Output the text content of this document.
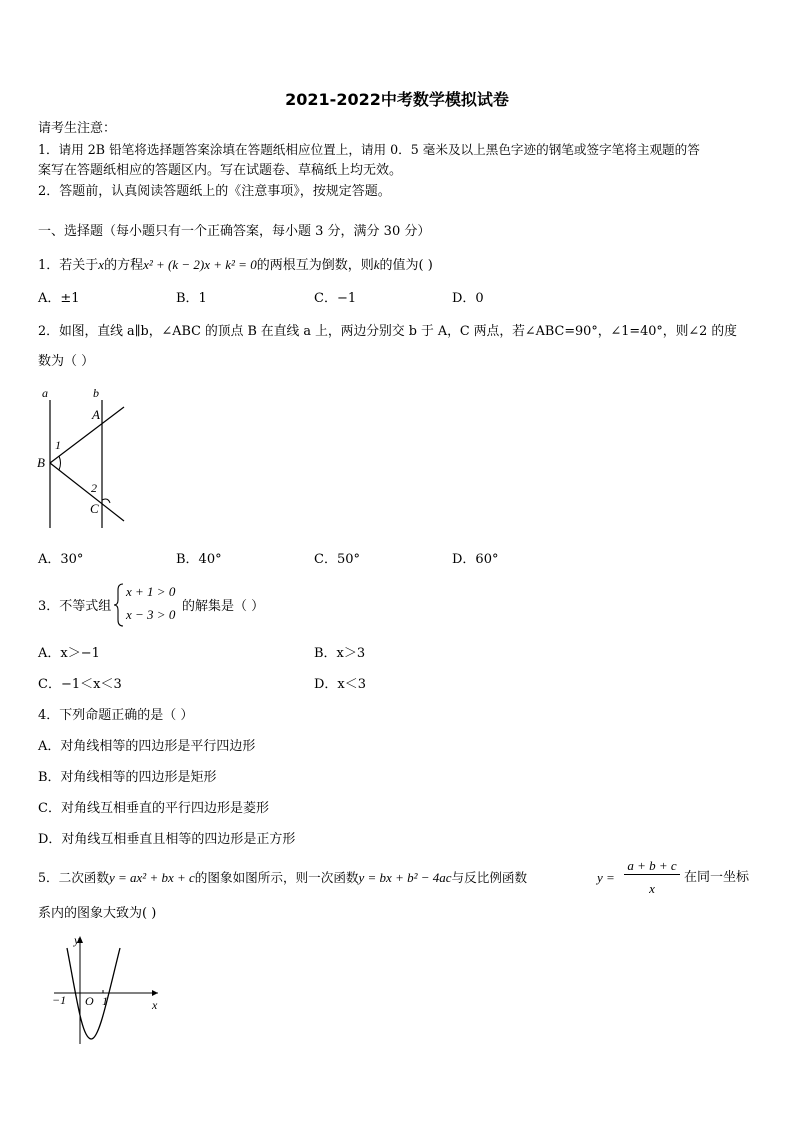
2021-2022中考数学模拟试卷
请考生注意：
1．请用 2B 铅笔将选择题答案涂填在答题纸相应位置上，请用 0．5 毫米及以上黑色字迹的钢笔或签字笔将主观题的答
案写在答题纸相应的答题区内。写在试题卷、草稿纸上均无效。
2．答题前，认真阅读答题纸上的《注意事项》，按规定答题。
一、选择题（每小题只有一个正确答案，每小题 3 分，满分 30 分）
1．若关于x的方程x² + (k − 2)x + k² = 0的两根互为倒数，则k的值为( )
A．±1	B．1	C．−1	D．0
2．如图，直线 a∥b，∠ABC 的顶点 B 在直线 a 上，两边分别交 b 于 A，C 两点，若∠ABC=90°，∠1=40°，则∠2 的度
数为（ ）
a	b
A
B
C
1
2
A．30°	B．40°	C．50°	D．60°
3．不等式组
x + 1 > 0
x − 3 > 0
的解集是（ ）
A．x＞−1	B．x＞3
C．−1＜x＜3	D．x＜3
4．下列命题正确的是（ ）
A．对角线相等的四边形是平行四边形
B．对角线相等的四边形是矩形
C．对角线互相垂直的平行四边形是菱形
D．对角线互相垂直且相等的四边形是正方形
5．二次函数y = ax² + bx + c的图象如图所示，则一次函数y = bx + b² − 4ac与反比例函数	y =
a + b + c
x
在同一坐标
系内的图象大致为( )
y
x
O
−1	1
